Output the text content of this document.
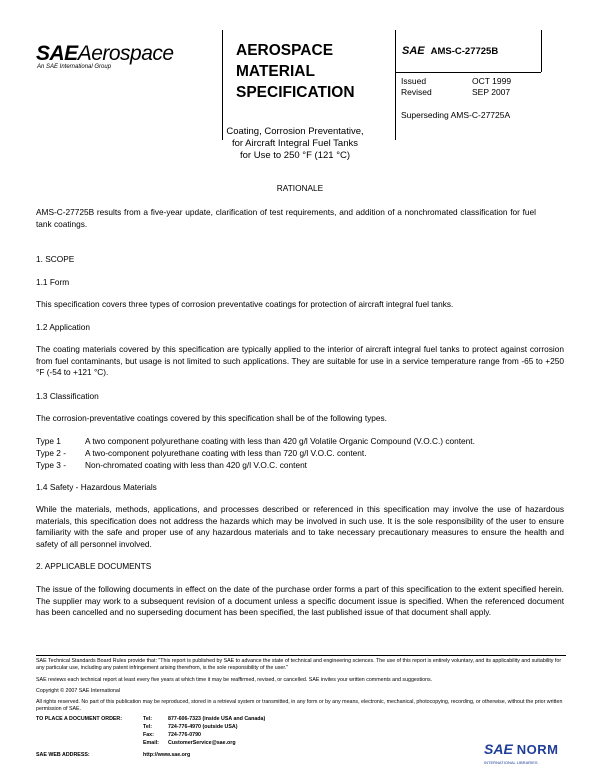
SAEAerospace
An SAE International Group
AEROSPACE
MATERIAL
SPECIFICATION
SAE AMS-C-27725B
Issued	OCT 1999
Revised	SEP 2007
Superseding AMS-C-27725A
Coating, Corrosion Preventative,
for Aircraft Integral Fuel Tanks
for Use to 250 °F (121 °C)
RATIONALE
AMS-C-27725B results from a five-year update, clarification of test requirements, and addition of a nonchromated classification for fuel tank coatings.
1. SCOPE
1.1 Form
This specification covers three types of corrosion preventative coatings for protection of aircraft integral fuel tanks.
1.2 Application
The coating materials covered by this specification are typically applied to the interior of aircraft integral fuel tanks to protect against corrosion from fuel contaminants, but usage is not limited to such applications. They are suitable for use in a service temperature range from -65 to +250 °F (-54 to +121 °C).
1.3 Classification
The corrosion-preventative coatings covered by this specification shall be of the following types.
Type 1	A two component polyurethane coating with less than 420 g/l Volatile Organic Compound (V.O.C.) content.
Type 2 - A two-component polyurethane coating with less than 720 g/l V.O.C. content.
Type 3 - Non-chromated coating with less than 420 g/l V.O.C. content
1.4 Safety - Hazardous Materials
While the materials, methods, applications, and processes described or referenced in this specification may involve the use of hazardous materials, this specification does not address the hazards which may be involved in such use. It is the sole responsibility of the user to ensure familiarity with the safe and proper use of any hazardous materials and to take necessary precautionary measures to ensure the health and safety of all personnel involved.
2. APPLICABLE DOCUMENTS
The issue of the following documents in effect on the date of the purchase order forms a part of this specification to the extent specified herein. The supplier may work to a subsequent revision of a document unless a specific document issue is specified. When the referenced document has been cancelled and no superseding document has been specified, the last published issue of that document shall apply.
SAE Technical Standards Board Rules provide that: "This report is published by SAE to advance the state of technical and engineering sciences. The use of this report is entirely voluntary, and its applicability and suitability for any particular use, including any patent infringement arising therefrom, is the sole responsibility of the user."
SAE reviews each technical report at least every five years at which time it may be reaffirmed, revised, or cancelled. SAE invites your written comments and suggestions.
Copyright © 2007 SAE International
All rights reserved. No part of this publication may be reproduced, stored in a retrieval system or transmitted, in any form or by any means, electronic, mechanical, photocopying, recording, or otherwise, without the prior written permission of SAE.
TO PLACE A DOCUMENT ORDER:	Tel:	877-606-7323 (inside USA and Canada)
Tel:	724-776-4970 (outside USA)
Fax:	724-776-0790
Email: CustomerService@sae.org
SAE WEB ADDRESS:	http://www.sae.org	SAE NORM
INTERNATIONAL LIBRARIES
